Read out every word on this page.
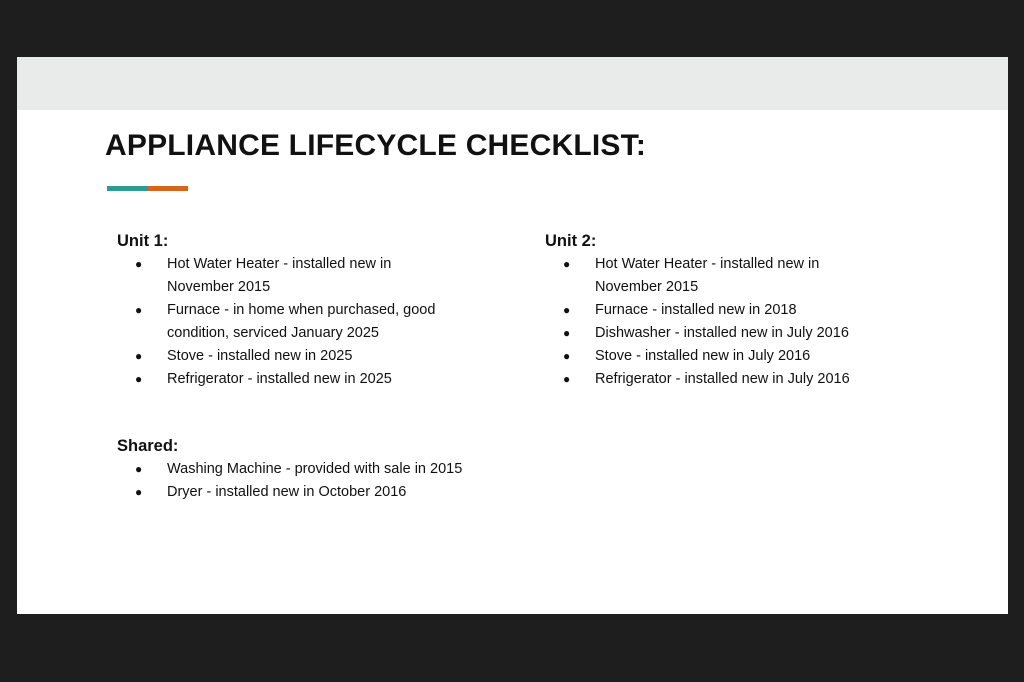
APPLIANCE LIFECYCLE CHECKLIST:
Unit 1:
● Hot Water Heater - installed new in November 2015
● Furnace - in home when purchased, good condition, serviced January 2025
● Stove - installed new in 2025
● Refrigerator - installed new in 2025
Unit 2:
● Hot Water Heater - installed new in November 2015
● Furnace - installed new in 2018
● Dishwasher - installed new in July 2016
● Stove - installed new in July 2016
● Refrigerator - installed new in July 2016
Shared:
● Washing Machine - provided with sale in 2015
● Dryer - installed new in October 2016
